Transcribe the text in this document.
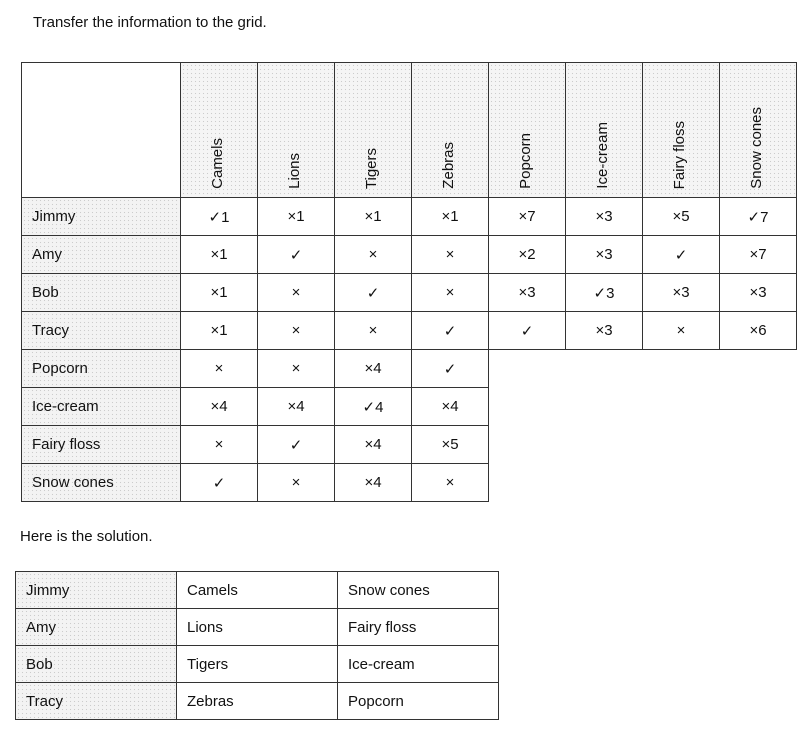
Transfer the information to the grid.

	Camels	Lions	Tigers	Zebras	Popcorn	Ice-cream	Fairy floss	Snow cones

Jimmy	✓1	×1	×1	×1	×7	×3	×5	✓7
Amy	×1	✓	×	×	×2	×3	✓	×7
Bob	×1	×	✓	×	×3	✓3	×3	×3
Tracy	×1	×	×	✓	✓	×3	×	×6
Popcorn	×	×	×4	✓				
Ice-cream	×4	×4	✓4	×4				
Fairy floss	×	✓	×4	×5				
Snow cones	✓	×	×4	×				
Here is the solution.
Jimmy	Camels	Snow cones
Amy	Lions	Fairy floss
Bob	Tigers	Ice-cream
Tracy	Zebras	Popcorn
